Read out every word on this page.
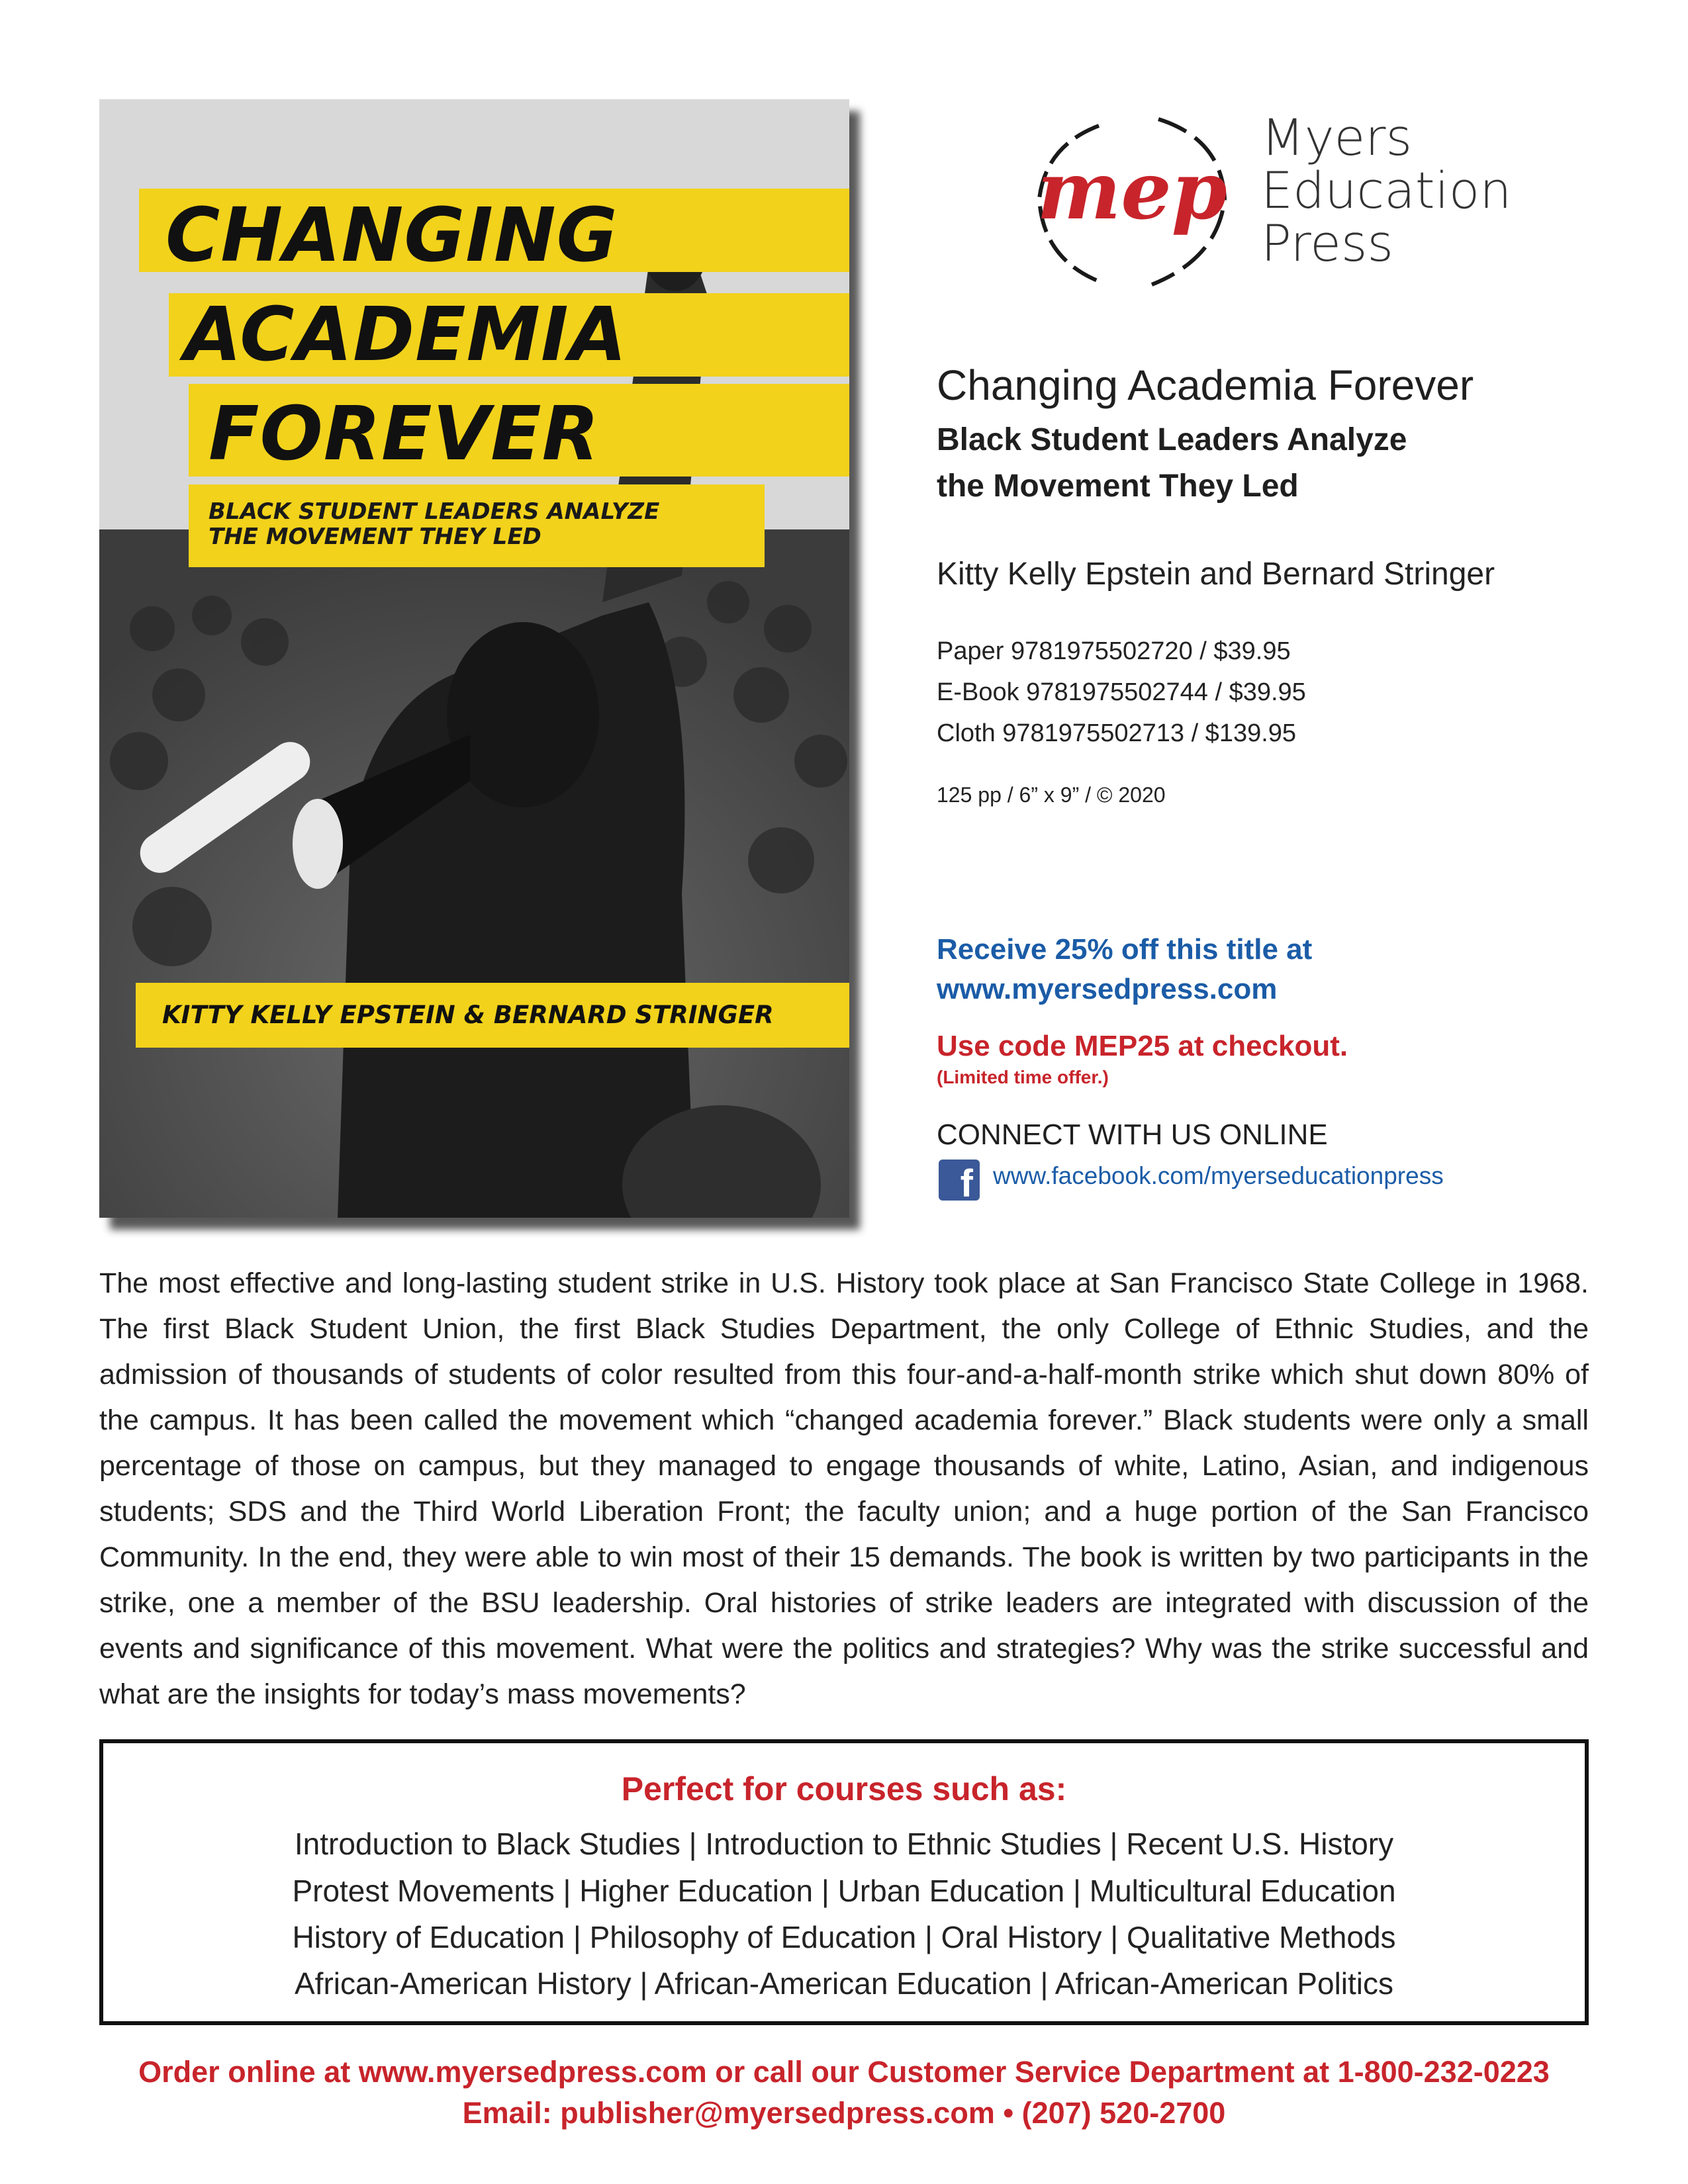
CHANGING
ACADEMIA
FOREVER
BLACK STUDENT LEADERS ANALYZE
THE MOVEMENT THEY LED
KITTY KELLY EPSTEIN & BERNARD STRINGER
mep
Myers
Education
Press
Changing Academia Forever
Black Student Leaders Analyze
the Movement They Led
Kitty Kelly Epstein and Bernard Stringer
Paper 9781975502720 / $39.95
E-Book 9781975502744 / $39.95
Cloth 9781975502713 / $139.95
125 pp / 6” x 9” / © 2020
Receive 25% off this title at
www.myersedpress.com
Use code MEP25 at checkout.
(Limited time offer.)
CONNECT WITH US ONLINE
f www.facebook.com/myerseducationpress
The most effective and long-lasting student strike in U.S. History took place at San Francisco State College in 1968. The first Black Student Union, the first Black Studies Department, the only College of Ethnic Studies, and the admission of thousands of students of color resulted from this four-and-a-half-month strike which shut down 80% of the campus. It has been called the movement which “changed academia forever.” Black students were only a small percentage of those on campus, but they managed to engage thousands of white, Latino, Asian, and indigenous students; SDS and the Third World Liberation Front; the faculty union; and a huge portion of the San Francisco Community. In the end, they were able to win most of their 15 demands. The book is written by two participants in the strike, one a member of the BSU leadership. Oral histories of strike leaders are integrated with discussion of the events and significance of this movement. What were the politics and strategies? Why was the strike successful and what are the insights for today’s mass movements?
Perfect for courses such as:
Introduction to Black Studies | Introduction to Ethnic Studies | Recent U.S. History
Protest Movements | Higher Education | Urban Education | Multicultural Education
History of Education | Philosophy of Education | Oral History | Qualitative Methods
African-American History | African-American Education | African-American Politics
Order online at www.myersedpress.com or call our Customer Service Department at 1-800-232-0223
Email: publisher@myersedpress.com • (207) 520-2700
